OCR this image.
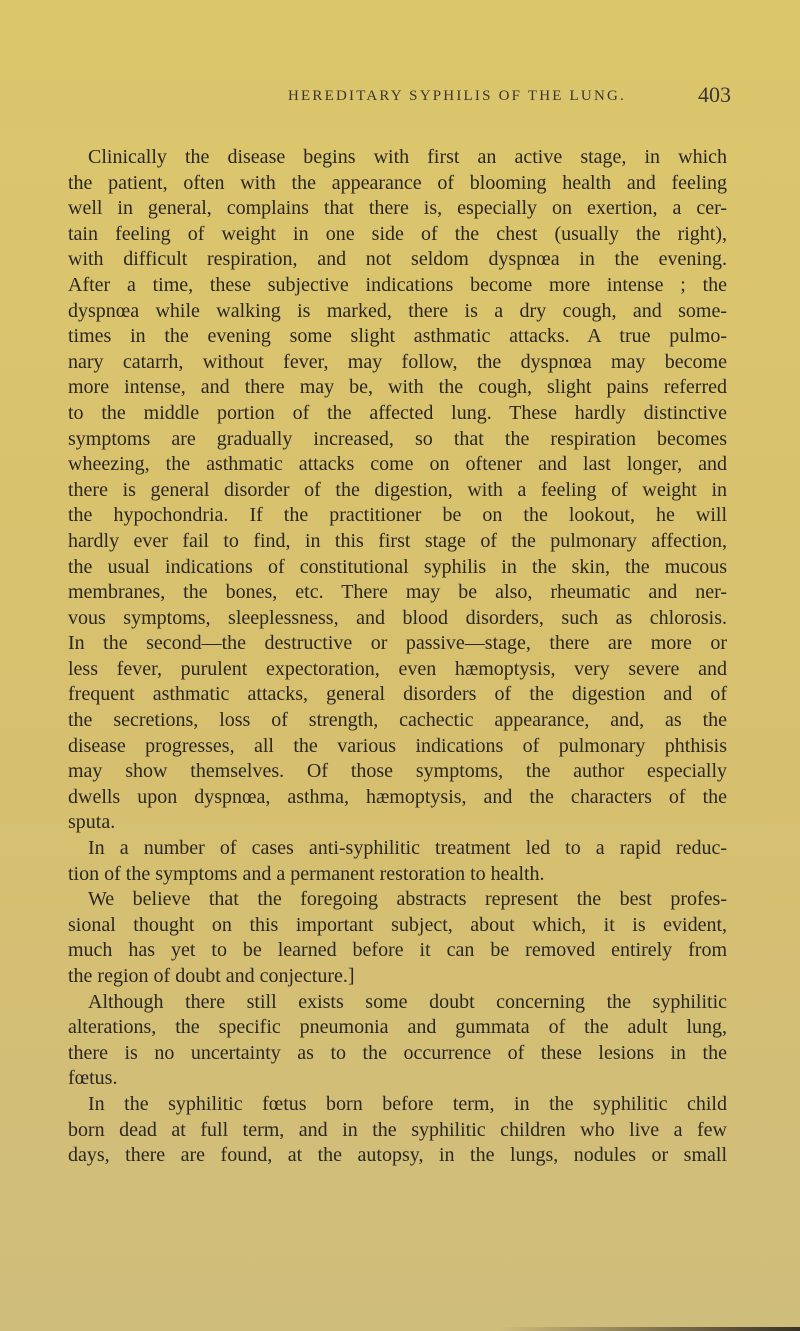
HEREDITARY SYPHILIS OF THE LUNG.	403
Clinically the disease begins with first an active stage, in which
the patient, often with the appearance of blooming health and feeling
well in general, complains that there is, especially on exertion, a cer-
tain feeling of weight in one side of the chest (usually the right),
with difficult respiration, and not seldom dyspnœa in the evening.
After a time, these subjective indications become more intense ; the
dyspnœa while walking is marked, there is a dry cough, and some-
times in the evening some slight asthmatic attacks. A true pulmo-
nary catarrh, without fever, may follow, the dyspnœa may become
more intense, and there may be, with the cough, slight pains referred
to the middle portion of the affected lung. These hardly distinctive
symptoms are gradually increased, so that the respiration becomes
wheezing, the asthmatic attacks come on oftener and last longer, and
there is general disorder of the digestion, with a feeling of weight in
the hypochondria. If the practitioner be on the lookout, he will
hardly ever fail to find, in this first stage of the pulmonary affection,
the usual indications of constitutional syphilis in the skin, the mucous
membranes, the bones, etc. There may be also, rheumatic and ner-
vous symptoms, sleeplessness, and blood disorders, such as chlorosis.
In the second—the destructive or passive—stage, there are more or
less fever, purulent expectoration, even hæmoptysis, very severe and
frequent asthmatic attacks, general disorders of the digestion and of
the secretions, loss of strength, cachectic appearance, and, as the
disease progresses, all the various indications of pulmonary phthisis
may show themselves. Of those symptoms, the author especially
dwells upon dyspnœa, asthma, hæmoptysis, and the characters of the
sputa.
In a number of cases anti-syphilitic treatment led to a rapid reduc-
tion of the symptoms and a permanent restoration to health.
We believe that the foregoing abstracts represent the best profes-
sional thought on this important subject, about which, it is evident,
much has yet to be learned before it can be removed entirely from
the region of doubt and conjecture.]
Although there still exists some doubt concerning the syphilitic
alterations, the specific pneumonia and gummata of the adult lung,
there is no uncertainty as to the occurrence of these lesions in the
fœtus.
In the syphilitic fœtus born before term, in the syphilitic child
born dead at full term, and in the syphilitic children who live a few
days, there are found, at the autopsy, in the lungs, nodules or small
